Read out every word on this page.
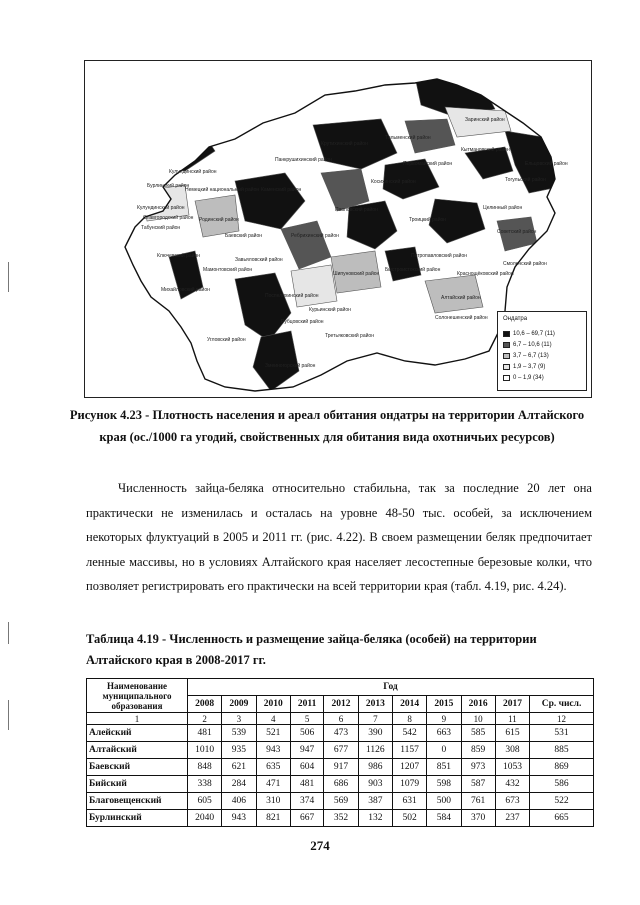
Кулундинский район
Кулундинский район
Бурлинский район
Славгородский район
Табунский район
Немецкий национальный район
Родинский район
Ключевский район
Михайловский район
Угловский район
Рубцовский район
Змеиногорский район
Третьяковский район
Алтайский район
Солонешенский район
Смоленский район
Советский район
Целинный район
Тогульский район
Ельцовский район
Заринский район
Кытмановский район
Тальменский район
Первомайский район
Косихинский район
Троицкий район
Петропавловский район
Быстроистокский район
Шипуновский район	Краснощёковский район
Курьинский район
Поспелихинский район
Баевский район
Завьяловский район
Мамонтовский район
Ребрихинский район
Павловский район
Каменский район
Крутихинский район
Панкрушихинский район
Ондатра
10,6 – 69,7 (11)
6,7 – 10,6 (11)
3,7 – 6,7 (13)
1,9 – 3,7 (9)
0 – 1,9 (34)
Рисунок 4.23 - Плотность населения и ареал обитания ондатры на территории Алтайского
края (ос./1000 га угодий, свойственных для обитания вида охотничьих ресурсов)

Численность зайца-беляка относительно стабильна, так за последние 20 лет она практически не изменилась и осталась на уровне 48-50 тыс. особей, за исключением некоторых флуктуаций в 2005 и 2011 гг. (рис. 4.22). В своем размещении беляк предпочитает ленные массивы, но в условиях Алтайского края населяет лесостепные березовые колки, что позволяет регистрировать его практически на всей территории края (табл. 4.19, рис. 4.24).

Таблица 4.19 - Численность и размещение зайца-беляка (особей) на территории
Алтайского края в 2008-2017 гг.
Наименование муниципального образования	Год										
	2008	2009	2010	2011	2012	2013	2014	2015	2016	2017	Ср. числ.
1	2	3	4	5	6	7	8	9	10	11	12
Алейский	481	539	521	506	473	390	542	663	585	615	531
Алтайский	1010	935	943	947	677	1126	1157	0	859	308	885
Баевский	848	621	635	604	917	986	1207	851	973	1053	869
Бийский	338	284	471	481	686	903	1079	598	587	432	586
Благовещенский	605	406	310	374	569	387	631	500	761	673	522
Бурлинский	2040	943	821	667	352	132	502	584	370	237	665
274
